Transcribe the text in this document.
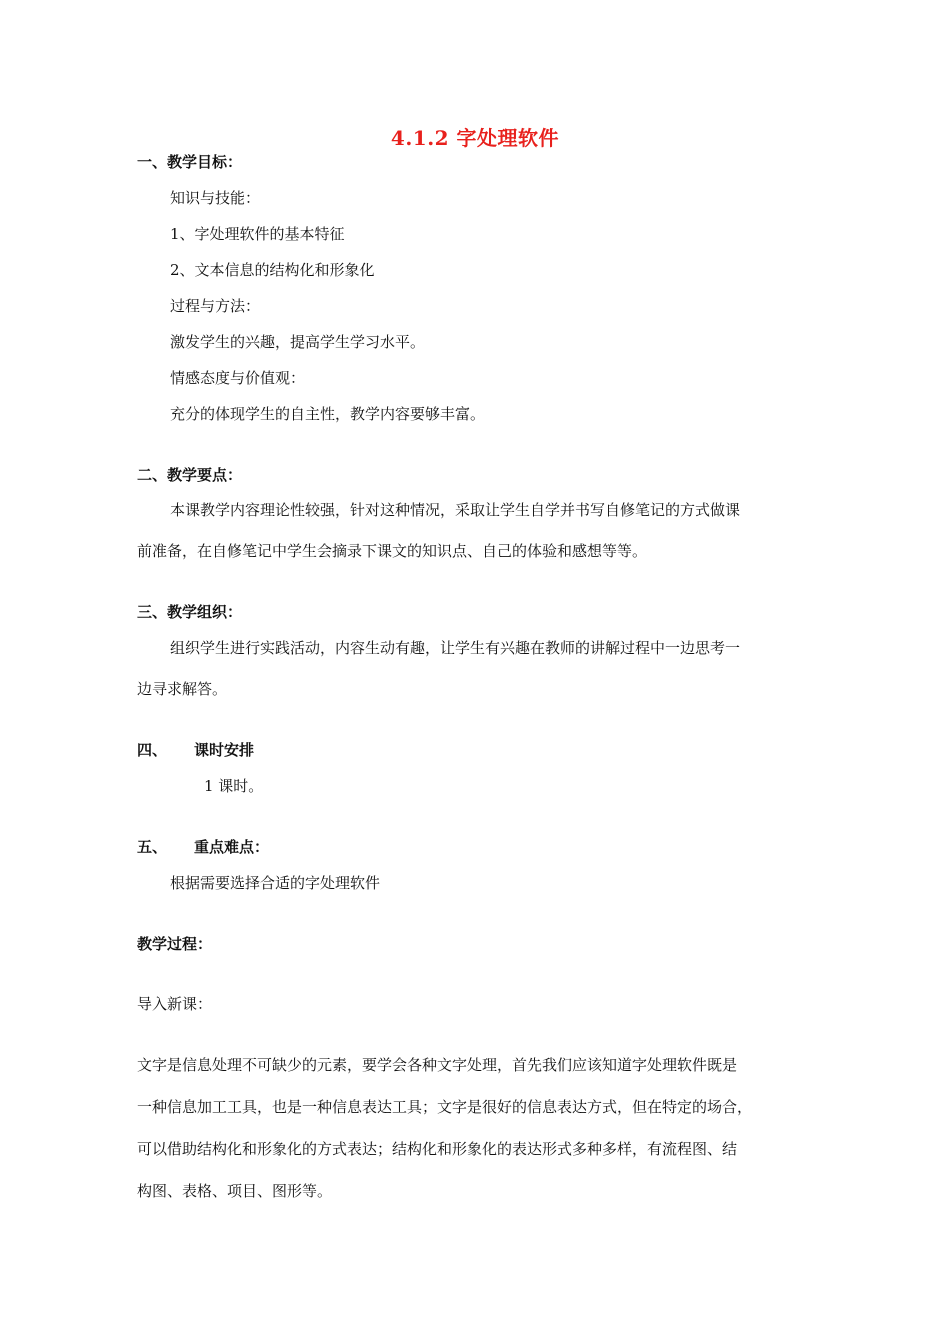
4.1.2 字处理软件
一、教学目标：
知识与技能：
1、字处理软件的基本特征
2、文本信息的结构化和形象化
过程与方法：
激发学生的兴趣，提高学生学习水平。
情感态度与价值观：
充分的体现学生的自主性，教学内容要够丰富。
二、教学要点：
本课教学内容理论性较强，针对这种情况，采取让学生自学并书写自修笔记的方式做课
前准备，在自修笔记中学生会摘录下课文的知识点、自己的体验和感想等等。
三、教学组织：
组织学生进行实践活动，内容生动有趣，让学生有兴趣在教师的讲解过程中一边思考一
边寻求解答。
四、 课时安排
1 课时。
五、 重点难点：
根据需要选择合适的字处理软件
教学过程：
导入新课：
文字是信息处理不可缺少的元素，要学会各种文字处理，首先我们应该知道字处理软件既是
一种信息加工工具，也是一种信息表达工具；文字是很好的信息表达方式，但在特定的场合，
可以借助结构化和形象化的方式表达；结构化和形象化的表达形式多种多样，有流程图、结
构图、表格、项目、图形等。
